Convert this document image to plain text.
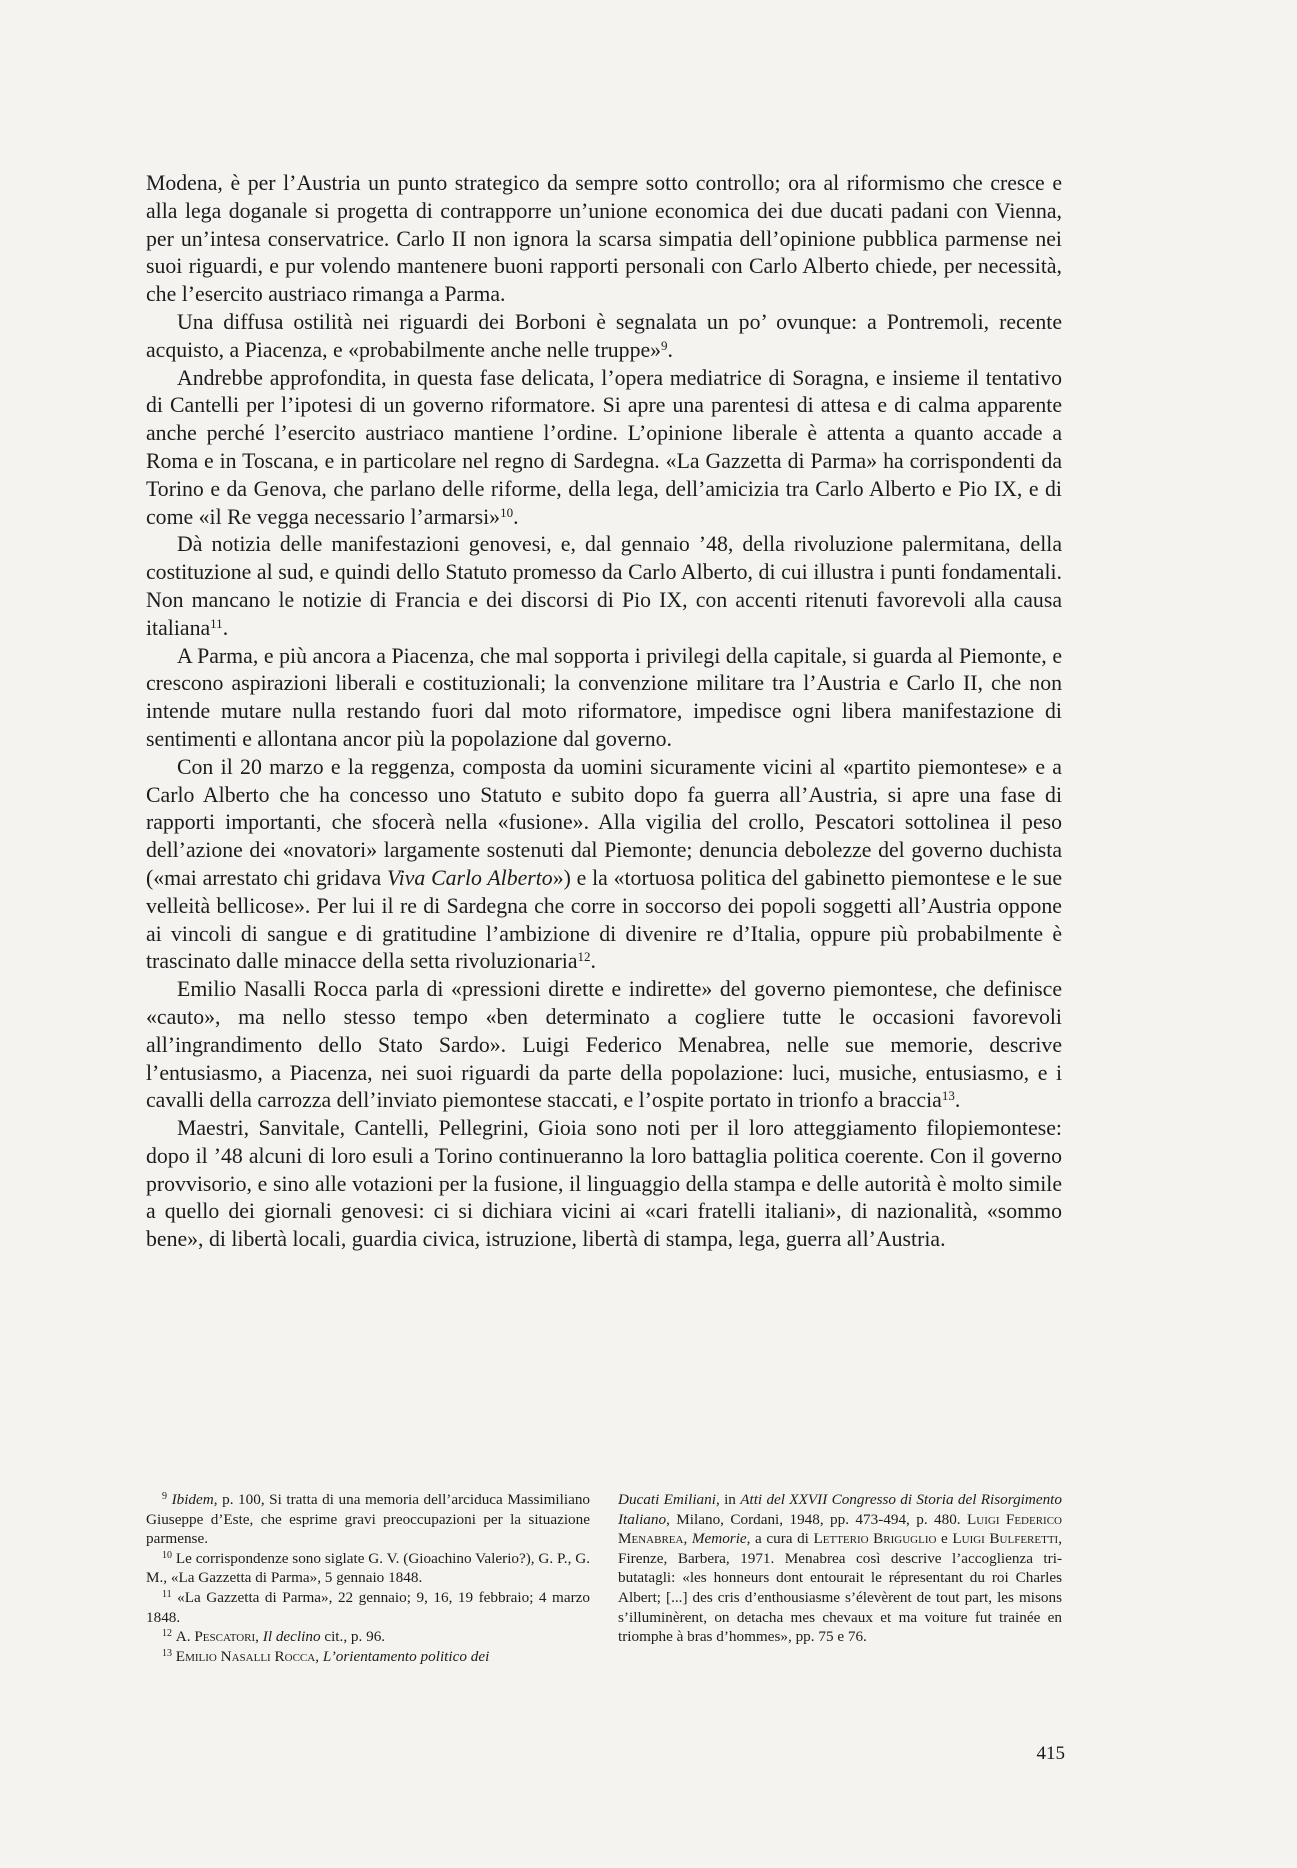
Modena, è per l’Austria un punto strategico da sempre sotto controllo; ora al riformismo che cresce e alla lega doganale si progetta di contrapporre un’unione economica dei due ducati padani con Vienna, per un’intesa conservatrice. Carlo II non ignora la scarsa simpatia dell’opinione pubblica parmense nei suoi riguardi, e pur volendo mantenere buoni rapporti personali con Carlo Alberto chiede, per necessità, che l’esercito austriaco rimanga a Parma.

Una diffusa ostilità nei riguardi dei Borboni è segnalata un po’ ovunque: a Pontremoli, recente acquisto, a Piacenza, e «probabilmente anche nelle truppe»$^9$.

Andrebbe approfondita, in questa fase delicata, l’opera mediatrice di Soragna, e insieme il tentativo di Cantelli per l’ipotesi di un governo riformatore. Si apre una parentesi di attesa e di calma apparente anche perché l’esercito austriaco mantiene l’ordine. L’opinione liberale è attenta a quanto accade a Roma e in Toscana, e in particolare nel regno di Sardegna. «La Gazzetta di Parma» ha corrispondenti da Torino e da Genova, che parlano delle riforme, della lega, dell’amicizia tra Carlo Alberto e Pio IX, e di come «il Re vegga necessario l’armarsi»$^{10}$.

Dà notizia delle manifestazioni genovesi, e, dal gennaio ’48, della rivoluzione palermitana, della costituzione al sud, e quindi dello Statuto promesso da Carlo Alberto, di cui illustra i punti fondamentali. Non mancano le notizie di Francia e dei discorsi di Pio IX, con accenti ritenuti favorevoli alla causa italiana$^{11}$.

A Parma, e più ancora a Piacenza, che mal sopporta i privilegi della capitale, si guarda al Piemonte, e crescono aspirazioni liberali e costituzionali; la convenzione militare tra l’Austria e Carlo II, che non intende mutare nulla restando fuori dal moto riformatore, impedisce ogni libera manifestazione di sentimenti e allontana ancor più la popolazione dal governo.

Con il 20 marzo e la reggenza, composta da uomini sicuramente vicini al «partito piemontese» e a Carlo Alberto che ha concesso uno Statuto e subito dopo fa guerra all’Austria, si apre una fase di rapporti importanti, che sfocerà nella «fusione». Alla vigilia del crollo, Pescatori sottolinea il peso dell’azione dei «novatori» largamente sostenuti dal Piemonte; denuncia debolezze del governo duchista («mai arrestato chi gridava Viva Carlo Alberto») e la «tortuosa politica del gabinetto piemontese e le sue velleità bellicose». Per lui il re di Sardegna che corre in soccorso dei popoli soggetti all’Austria oppone ai vincoli di sangue e di gratitudine l’ambizione di divenire re d’Italia, oppure più probabilmente è trascinato dalle minacce della setta rivoluzionaria$^{12}$.

Emilio Nasalli Rocca parla di «pressioni dirette e indirette» del governo piemontese, che definisce «cauto», ma nello stesso tempo «ben determinato a cogliere tutte le occasioni favorevoli all’ingrandimento dello Stato Sardo». Luigi Federico Menabrea, nelle sue memorie, descrive l’entusiasmo, a Piacenza, nei suoi riguardi da parte della popolazione: luci, musiche, entusiasmo, e i cavalli della carrozza dell’inviato piemontese staccati, e l’ospite portato in trionfo a braccia$^{13}$.

Maestri, Sanvitale, Cantelli, Pellegrini, Gioia sono noti per il loro atteggiamento filopiemontese: dopo il ’48 alcuni di loro esuli a Torino continueranno la loro battaglia politica coerente. Con il governo provvisorio, e sino alle votazioni per la fusione, il linguaggio della stampa e delle autorità è molto simile a quello dei giornali genovesi: ci si dichiara vicini ai «cari fratelli italiani», di nazionalità, «sommo bene», di libertà locali, guardia civica, istruzione, libertà di stampa, lega, guerra all’Austria.

$^9$ Ibidem, p. 100, Si tratta di una memoria dell’arciduca Massimiliano Giuseppe d’Este, che esprime gravi preoccupazioni per la situazione parmense.

$^{10}$ Le corrispondenze sono siglate G. V. (Gioachino Valerio?), G. P., G. M., «La Gazzetta di Parma», 5 gennaio 1848.

$^{11}$ «La Gazzetta di Parma», 22 gennaio; 9, 16, 19 febbraio; 4 marzo 1848.

$^{12}$ A. Pescatori, Il declino cit., p. 96.

$^{13}$ Emilio Nasalli Rocca, L’orientamento politico dei

Ducati Emiliani, in Atti del XXVII Congresso di Storia del Risorgimento Italiano, Milano, Cordani, 1948, pp. 473-494, p. 480. Luigi Federico Menabrea, Memorie, a cura di Letterio Briguglio e Luigi Bulferetti, Firenze, Barbera, 1971. Menabrea così descrive l’accoglienza tributatagli: «les honneurs dont entourait le répresentant du roi Charles Albert; [...] des cris d’enthousiasme s’élevèrent de tout part, les misons s’illuminèrent, on detacha mes chevaux et ma voiture fut trainée en triomphe à bras d’hommes», pp. 75 e 76.

415
